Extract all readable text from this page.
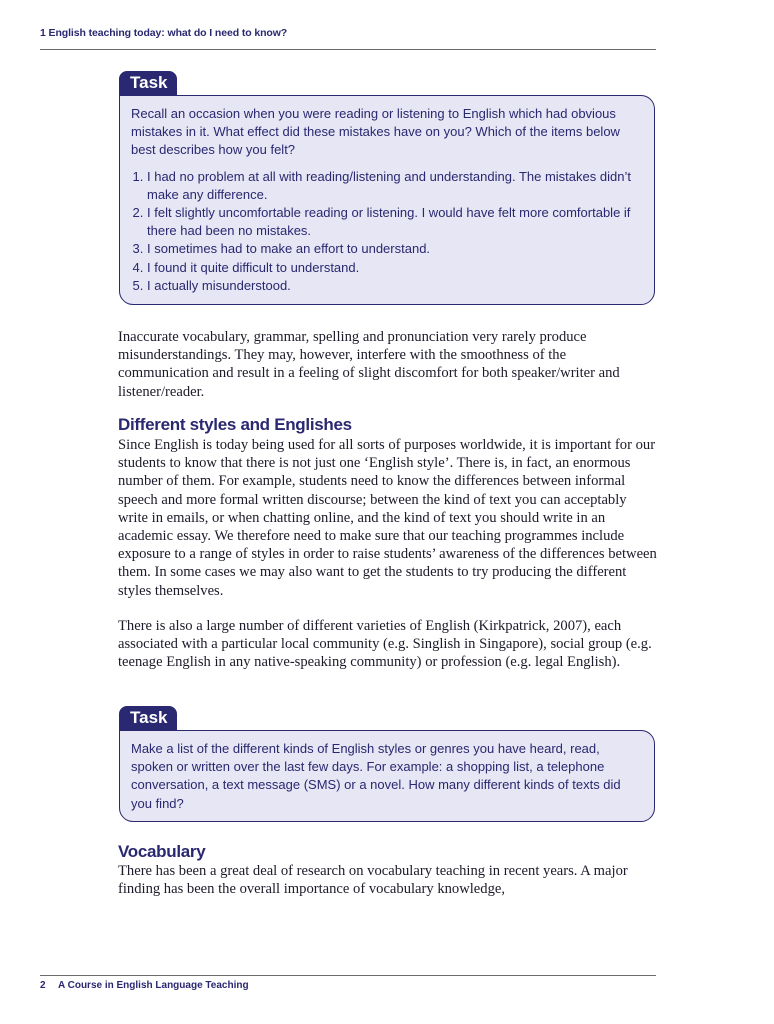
1 English teaching today: what do I need to know?
Task

Recall an occasion when you were reading or listening to English which had obvious mistakes in it. What effect did these mistakes have on you? Which of the items below best describes how you felt?

1. I had no problem at all with reading/listening and understanding. The mistakes didn’t make any difference.
2. I felt slightly uncomfortable reading or listening. I would have felt more comfortable if there had been no mistakes.
3. I sometimes had to make an effort to understand.
4. I found it quite difficult to understand.
5. I actually misunderstood.

Inaccurate vocabulary, grammar, spelling and pronunciation very rarely produce misunderstandings. They may, however, interfere with the smoothness of the communication and result in a feeling of slight discomfort for both speaker/writer and listener/reader.

Different styles and Englishes

Since English is today being used for all sorts of purposes worldwide, it is important for our students to know that there is not just one ‘English style’. There is, in fact, an enormous number of them. For example, students need to know the differences between informal speech and more formal written discourse; between the kind of text you can acceptably write in emails, or when chatting online, and the kind of text you should write in an academic essay. We therefore need to make sure that our teaching programmes include exposure to a range of styles in order to raise students’ awareness of the differences between them. In some cases we may also want to get the students to try producing the different styles themselves.

There is also a large number of different varieties of English (Kirkpatrick, 2007), each associated with a particular local community (e.g. Singlish in Singapore), social group (e.g. teenage English in any native-speaking community) or profession (e.g. legal English).

Task

Make a list of the different kinds of English styles or genres you have heard, read, spoken or written over the last few days. For example: a shopping list, a telephone conversation, a text message (SMS) or a novel. How many different kinds of texts did you find?

Vocabulary

There has been a great deal of research on vocabulary teaching in recent years. A major finding has been the overall importance of vocabulary knowledge,

2 A Course in English Language Teaching
